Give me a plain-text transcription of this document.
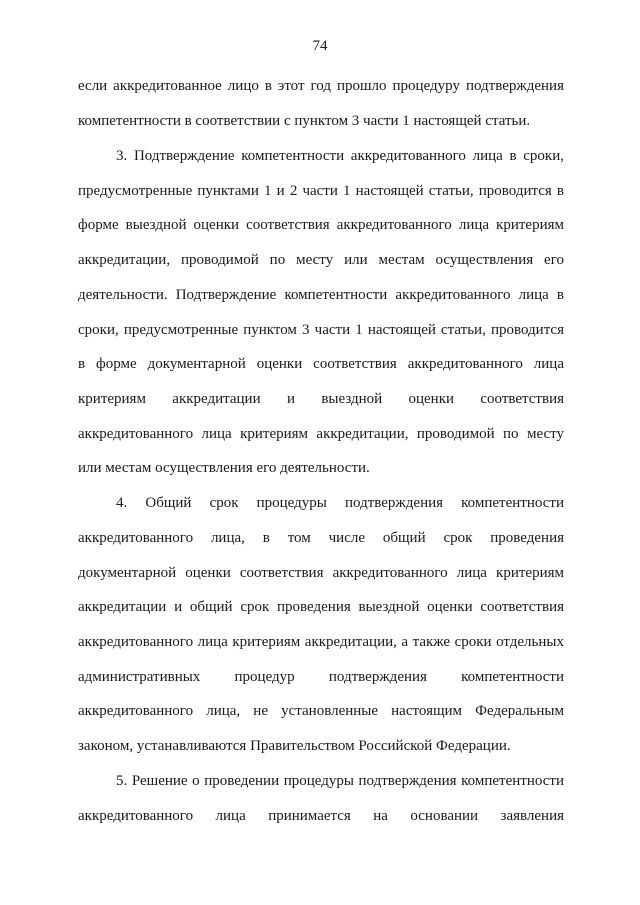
74
если аккредитованное лицо в этот год прошло процедуру подтверждения
компетентности в соответствии с пунктом 3 части 1 настоящей статьи.
3. Подтверждение компетентности аккредитованного лица в сроки,
предусмотренные пунктами 1 и 2 части 1 настоящей статьи, проводится в
форме выездной оценки соответствия аккредитованного лица критериям
аккредитации, проводимой по месту или местам осуществления его
деятельности. Подтверждение компетентности аккредитованного лица в
сроки, предусмотренные пунктом 3 части 1 настоящей статьи, проводится
в форме документарной оценки соответствия аккредитованного лица
критериям аккредитации и выездной оценки соответствия
аккредитованного лица критериям аккредитации, проводимой по месту
или местам осуществления его деятельности.
4. Общий срок процедуры подтверждения компетентности
аккредитованного лица, в том числе общий срок проведения
документарной оценки соответствия аккредитованного лица критериям
аккредитации и общий срок проведения выездной оценки соответствия
аккредитованного лица критериям аккредитации, а также сроки отдельных
административных процедур подтверждения компетентности
аккредитованного лица, не установленные настоящим Федеральным
законом, устанавливаются Правительством Российской Федерации.
5. Решение о проведении процедуры подтверждения компетентности
аккредитованного лица принимается на основании заявления
